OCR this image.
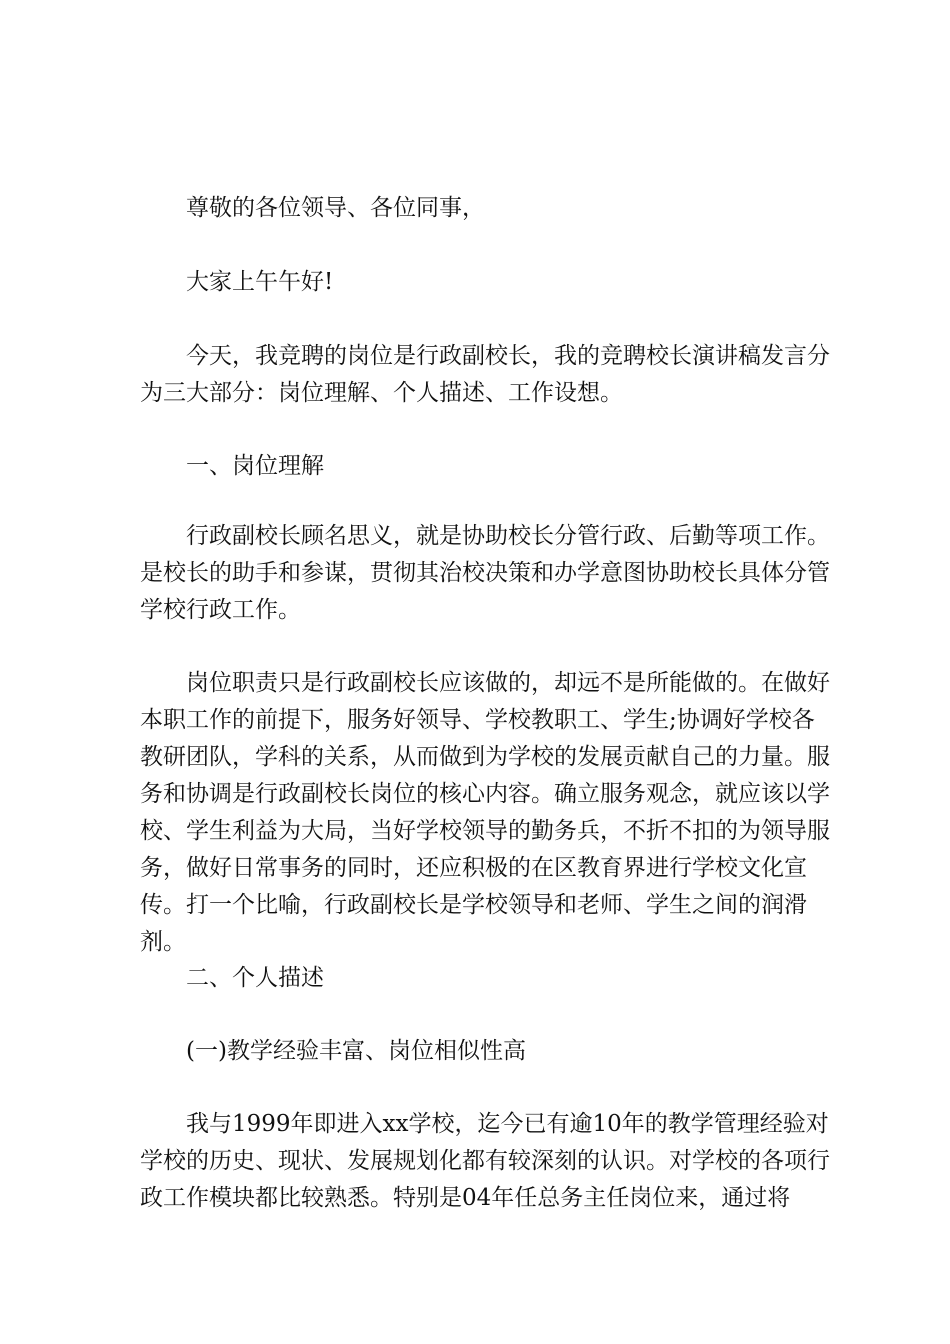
尊敬的各位领导、各位同事，

大家上午午好!

今天，我竞聘的岗位是行政副校长，我的竞聘校长演讲稿发言分为三大部分：岗位理解、个人描述、工作设想。

一、岗位理解

行政副校长顾名思义，就是协助校长分管行政、后勤等项工作。是校长的助手和参谋，贯彻其治校决策和办学意图协助校长具体分管学校行政工作。

岗位职责只是行政副校长应该做的，却远不是所能做的。在做好本职工作的前提下，服务好领导、学校教职工、学生;协调好学校各教研团队，学科的关系，从而做到为学校的发展贡献自己的力量。服务和协调是行政副校长岗位的核心内容。确立服务观念，就应该以学校、学生利益为大局，当好学校领导的勤务兵，不折不扣的为领导服务，做好日常事务的同时，还应积极的在区教育界进行学校文化宣传。打一个比喻，行政副校长是学校领导和老师、学生之间的润滑剂。

二、个人描述

(一)教学经验丰富、岗位相似性高

我与1999年即进入xx学校，迄今已有逾10年的教学管理经验对学校的历史、现状、发展规划化都有较深刻的认识。对学校的各项行政工作模块都比较熟悉。特别是04年任总务主任岗位来，通过将
